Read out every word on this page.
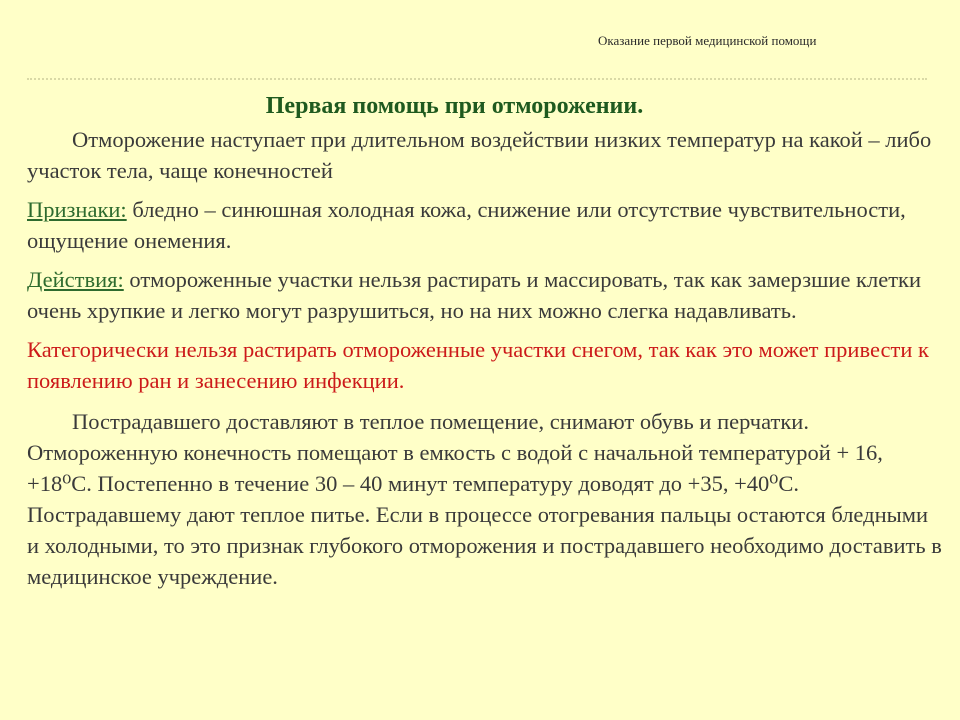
Оказание первой медицинской помощи
Первая помощь при отморожении.

Отморожение наступает при длительном воздействии низких температур на какой – либо участок тела, чаще конечностей

Признаки: бледно – синюшная холодная кожа, снижение или отсутствие чувствительности, ощущение онемения.

Действия: отмороженные участки нельзя растирать и массировать, так как замерзшие клетки очень хрупкие и легко могут разрушиться, но на них можно слегка надавливать.

Категорически нельзя растирать отмороженные участки снегом, так как это может привести к появлению ран и занесению инфекции.

Пострадавшего доставляют в теплое помещение, снимают обувь и перчатки. Отмороженную конечность помещают в емкость с водой с начальной температурой + 16, +18⁰С. Постепенно в течение 30 – 40 минут температуру доводят до +35, +40⁰С. Пострадавшему дают теплое питье. Если в процессе отогревания пальцы остаются бледными и холодными, то это признак глубокого отморожения и пострадавшего необходимо доставить в медицинское учреждение.
